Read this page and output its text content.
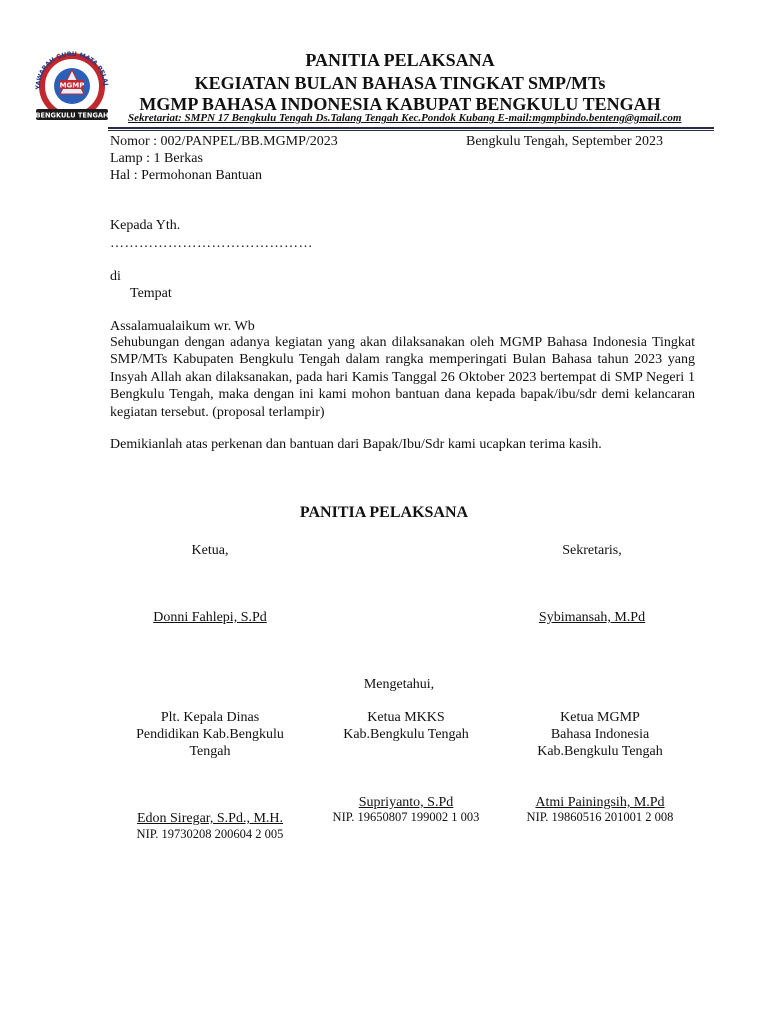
YAWARAH GURU MATA PELAJ
MGMP
BENGKULU TENGAH
PANITIA PELAKSANA
KEGIATAN BULAN BAHASA TINGKAT SMP/MTs
MGMP BAHASA INDONESIA KABUPAT BENGKULU TENGAH
Sekretariat: SMPN 17 Bengkulu Tengah Ds.Talang Tengah Kec.Pondok Kubang E-mail:mgmpbindo.benteng@gmail.com
Nomor : 002/PANPEL/BB.MGMP/2023	Bengkulu Tengah, September 2023
Lamp : 1 Berkas
Hal : Permohonan Bantuan
Kepada Yth.
……………………………………
di
Tempat
Assalamualaikum wr. Wb
Sehubungan dengan adanya kegiatan yang akan dilaksanakan oleh MGMP Bahasa Indonesia Tingkat SMP/MTs Kabupaten Bengkulu Tengah dalam rangka memperingati Bulan Bahasa tahun 2023 yang Insyah Allah akan dilaksanakan, pada hari Kamis Tanggal 26 Oktober 2023 bertempat di SMP Negeri 1 Bengkulu Tengah, maka dengan ini kami mohon bantuan dana kepada bapak/ibu/sdr demi kelancaran kegiatan tersebut. (proposal terlampir)
Demikianlah atas perkenan dan bantuan dari Bapak/Ibu/Sdr kami ucapkan terima kasih.
PANITIA PELAKSANA
Ketua,
Donni Fahlepi, S.Pd
Sekretaris,
Sybimansah, M.Pd
Mengetahui,
Plt. Kepala Dinas
Pendidikan Kab.Bengkulu
Tengah
Edon Siregar, S.Pd., M.H.
NIP. 19730208 200604 2 005
Ketua MKKS
Kab.Bengkulu Tengah
Supriyanto, S.Pd
NIP. 19650807 199002 1 003
Ketua MGMP
Bahasa Indonesia
Kab.Bengkulu Tengah
Atmi Painingsih, M.Pd
NIP. 19860516 201001 2 008
